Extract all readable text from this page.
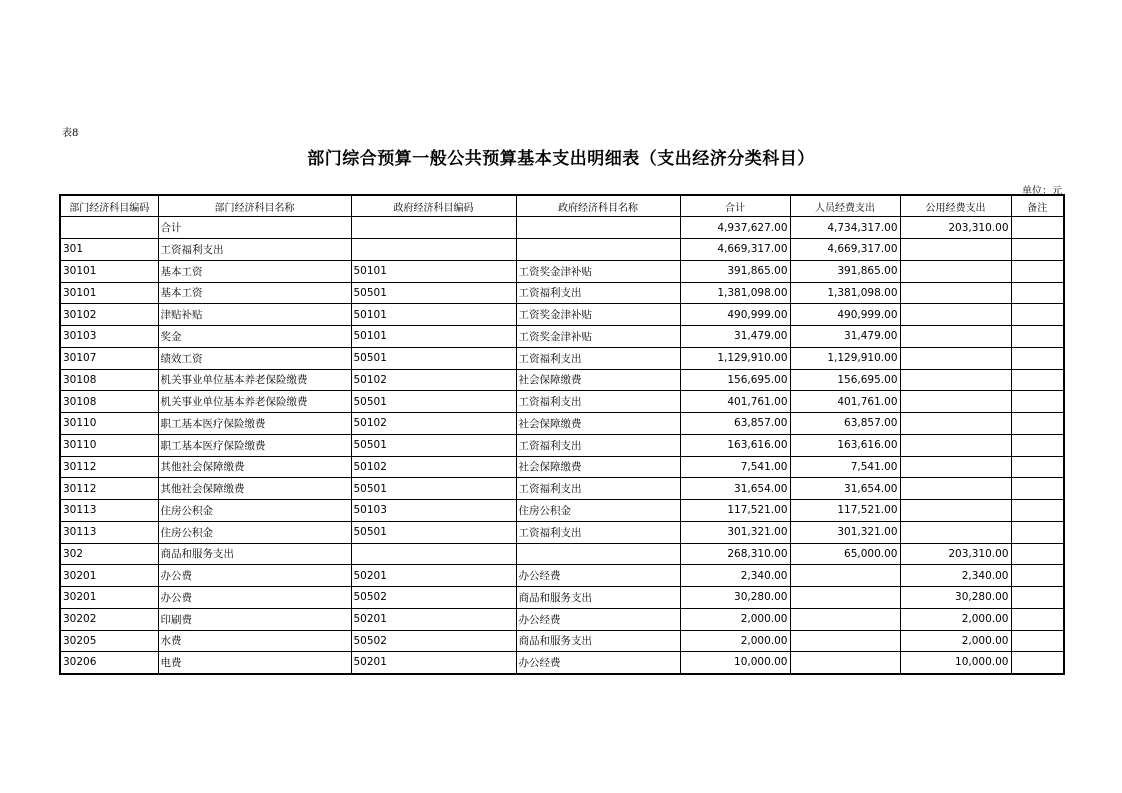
表8
部门综合预算一般公共预算基本支出明细表（支出经济分类科目）
单位：元
部门经济科目编码	部门经济科目名称	政府经济科目编码	政府经济科目名称	合计	人员经费支出	公用经费支出	备注
	合计			4,937,627.00	4,734,317.00	203,310.00	
301	工资福利支出			4,669,317.00	4,669,317.00		
30101	基本工资	50101	工资奖金津补贴	391,865.00	391,865.00		
30101	基本工资	50501	工资福利支出	1,381,098.00	1,381,098.00		
30102	津贴补贴	50101	工资奖金津补贴	490,999.00	490,999.00		
30103	奖金	50101	工资奖金津补贴	31,479.00	31,479.00		
30107	绩效工资	50501	工资福利支出	1,129,910.00	1,129,910.00		
30108	机关事业单位基本养老保险缴费	50102	社会保障缴费	156,695.00	156,695.00		
30108	机关事业单位基本养老保险缴费	50501	工资福利支出	401,761.00	401,761.00		
30110	职工基本医疗保险缴费	50102	社会保障缴费	63,857.00	63,857.00		
30110	职工基本医疗保险缴费	50501	工资福利支出	163,616.00	163,616.00		
30112	其他社会保障缴费	50102	社会保障缴费	7,541.00	7,541.00		
30112	其他社会保障缴费	50501	工资福利支出	31,654.00	31,654.00		
30113	住房公积金	50103	住房公积金	117,521.00	117,521.00		
30113	住房公积金	50501	工资福利支出	301,321.00	301,321.00		
302	商品和服务支出			268,310.00	65,000.00	203,310.00	
30201	办公费	50201	办公经费	2,340.00		2,340.00	
30201	办公费	50502	商品和服务支出	30,280.00		30,280.00	
30202	印刷费	50201	办公经费	2,000.00		2,000.00	
30205	水费	50502	商品和服务支出	2,000.00		2,000.00	
30206	电费	50201	办公经费	10,000.00		10,000.00	
